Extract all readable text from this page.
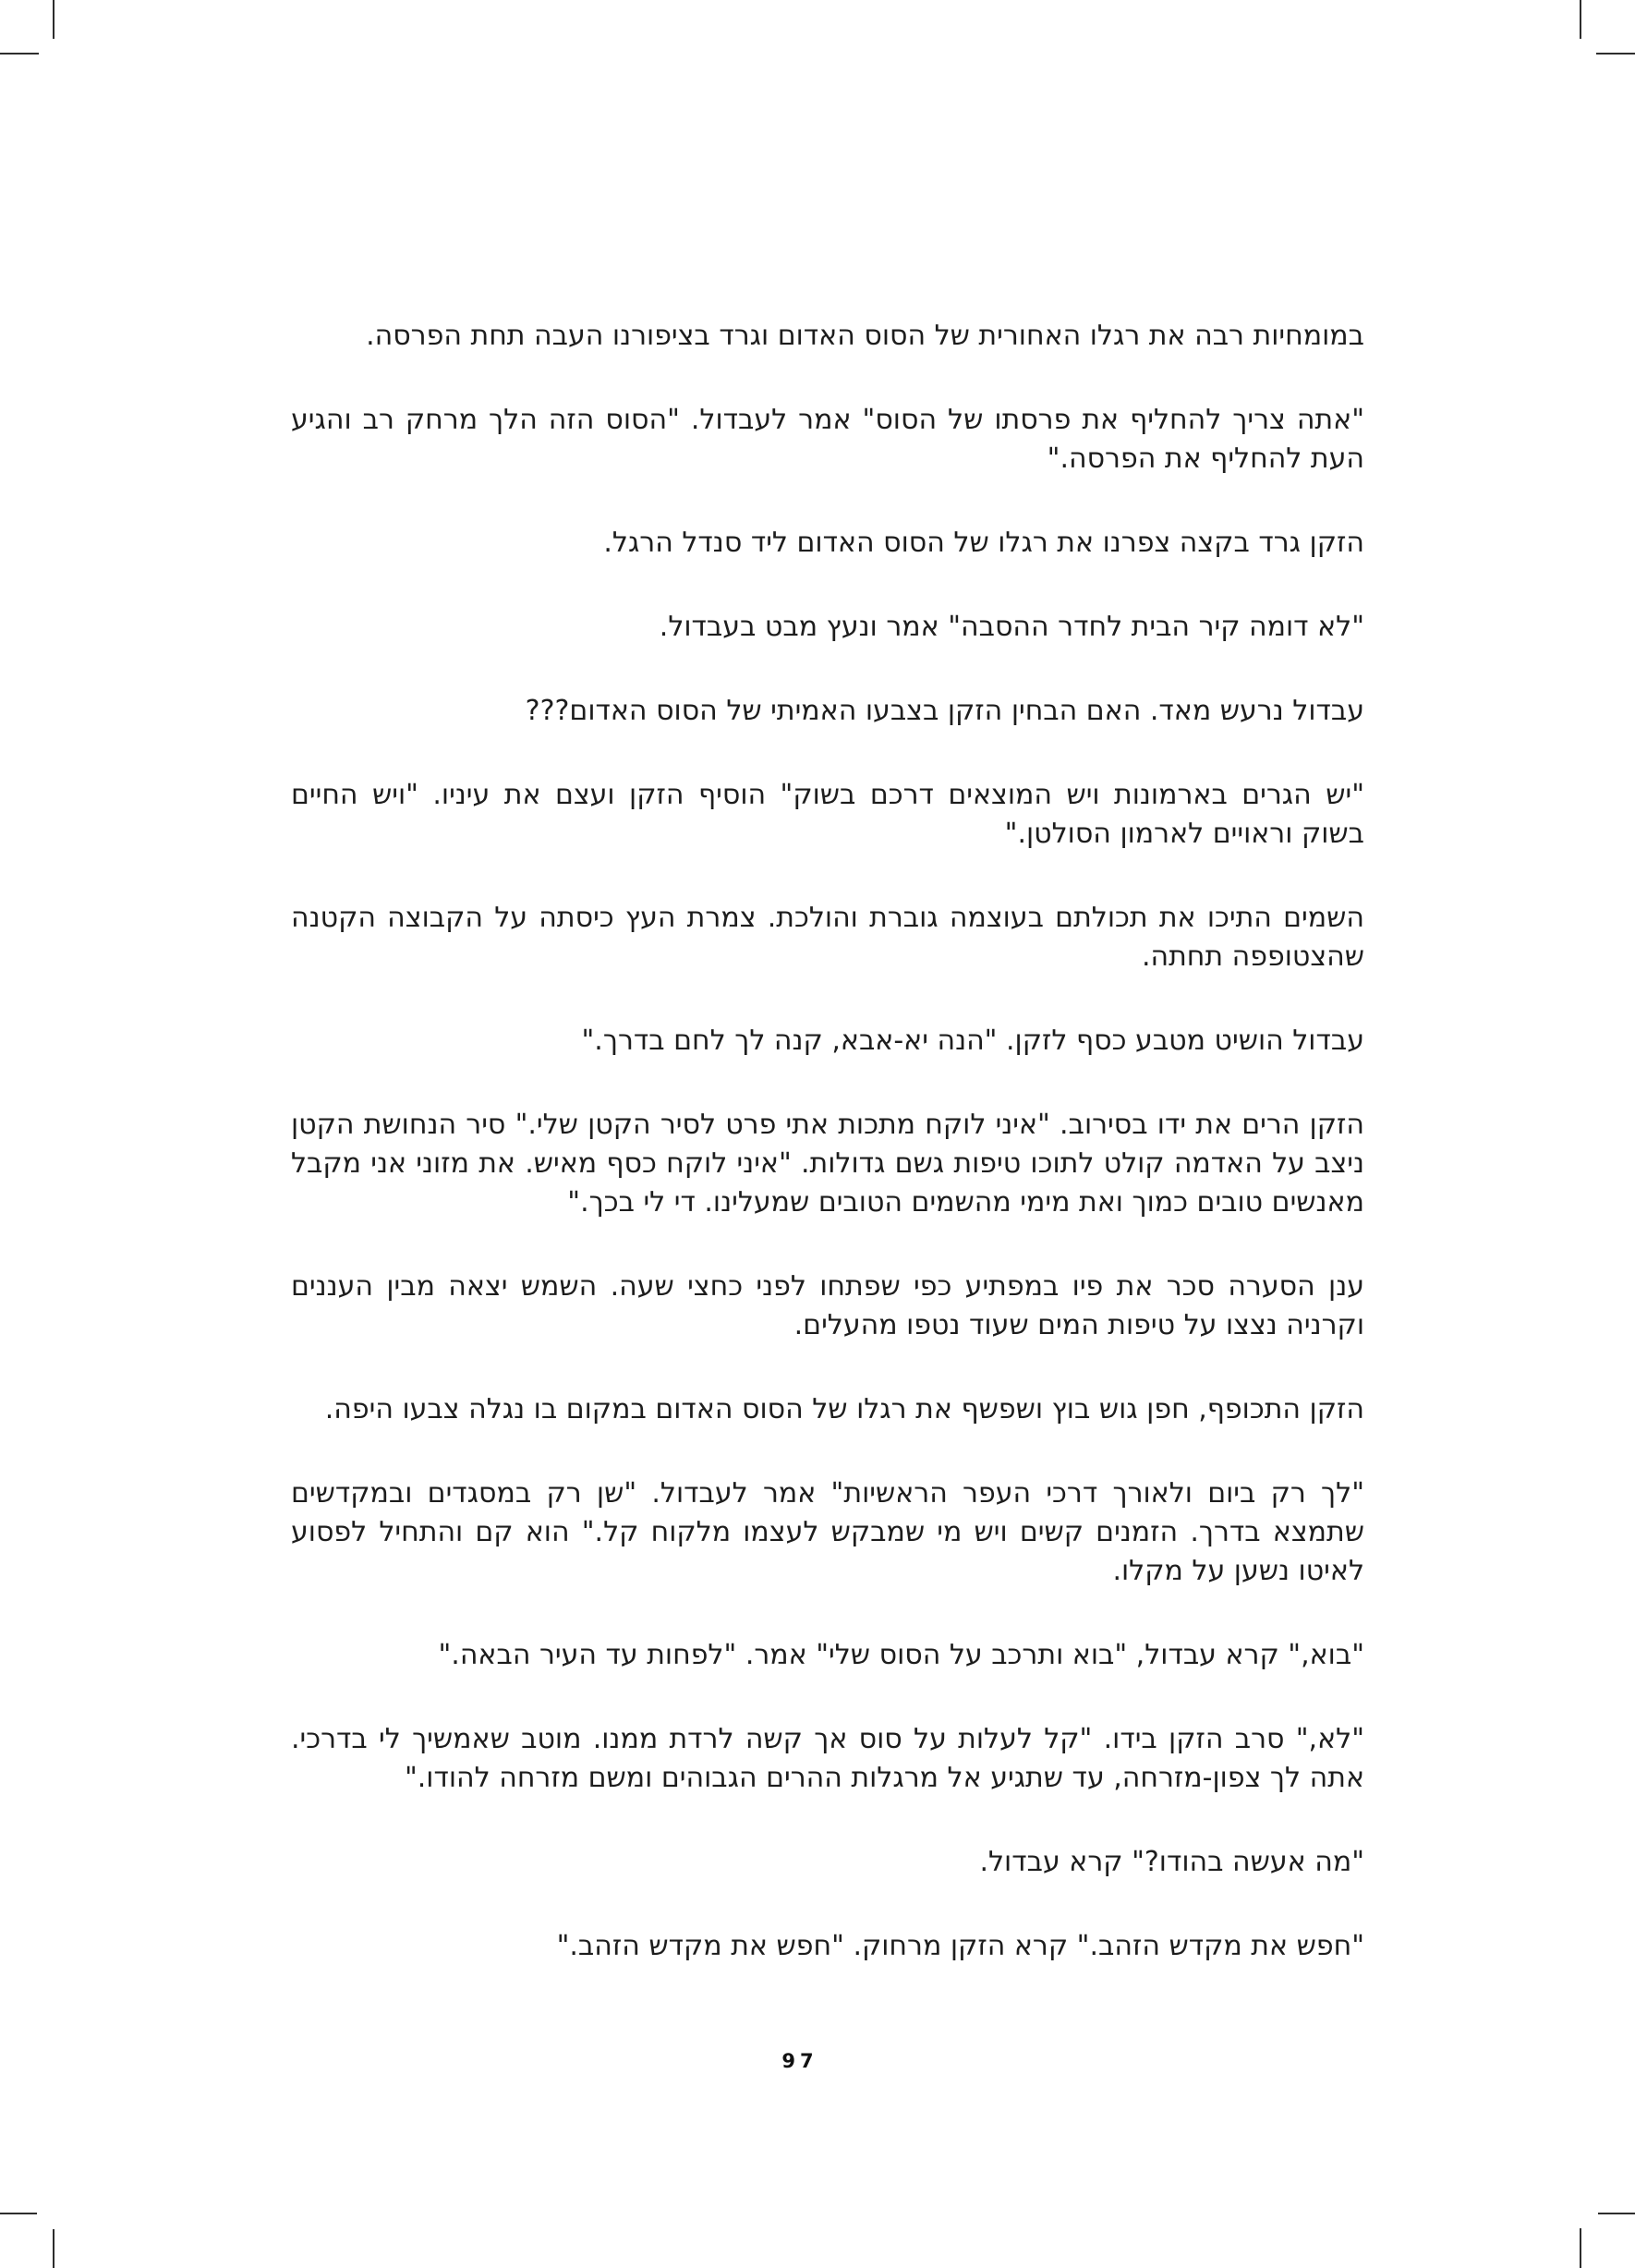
במומחיות רבה את רגלו האחורית של הסוס האדום וגרד בציפורנו העבה תחת הפרסה.

"אתה צריך להחליף את פרסתו של הסוס" אמר לעבדול. "הסוס הזה הלך מרחק רב והגיע העת להחליף את הפרסה."

הזקן גרד בקצה צפרנו את רגלו של הסוס האדום ליד סנדל הרגל.

"לא דומה קיר הבית לחדר ההסבה" אמר ונעץ מבט בעבדול.

עבדול נרעש מאד. האם הבחין הזקן בצבעו האמיתי של הסוס האדום???

"יש הגרים בארמונות ויש המוצאים דרכם בשוק" הוסיף הזקן ועצם את עיניו. "ויש החיים בשוק וראויים לארמון הסולטן."

השמים התיכו את תכולתם בעוצמה גוברת והולכת. צמרת העץ כיסתה על הקבוצה הקטנה שהצטופפה תחתה.

עבדול הושיט מטבע כסף לזקן. "הנה יא-אבא, קנה לך לחם בדרך."

הזקן הרים את ידו בסירוב. "איני לוקח מתכות אתי פרט לסיר הקטן שלי." סיר הנחושת הקטן ניצב על האדמה קולט לתוכו טיפות גשם גדולות. "איני לוקח כסף מאיש. את מזוני אני מקבל מאנשים טובים כמוך ואת מימי מהשמים הטובים שמעלינו. די לי בכך."

ענן הסערה סכר את פיו במפתיע כפי שפתחו לפני כחצי שעה. השמש יצאה מבין העננים וקרניה נצצו על טיפות המים שעוד נטפו מהעלים.

הזקן התכופף, חפן גוש בוץ ושפשף את רגלו של הסוס האדום במקום בו נגלה צבעו היפה.

"לך רק ביום ולאורך דרכי העפר הראשיות" אמר לעבדול. "שן רק במסגדים ובמקדשים שתמצא בדרך. הזמנים קשים ויש מי שמבקש לעצמו מלקוח קל." הוא קם והתחיל לפסוע לאיטו נשען על מקלו.

"בוא," קרא עבדול, "בוא ותרכב על הסוס שלי" אמר. "לפחות עד העיר הבאה."

"לא," סרב הזקן בידו. "קל לעלות על סוס אך קשה לרדת ממנו. מוטב שאמשיך לי בדרכי. אתה לך צפון-מזרחה, עד שתגיע אל מרגלות ההרים הגבוהים ומשם מזרחה להודו."

"מה אעשה בהודו?" קרא עבדול.

"חפש את מקדש הזהב." קרא הזקן מרחוק. "חפש את מקדש הזהב."

97
